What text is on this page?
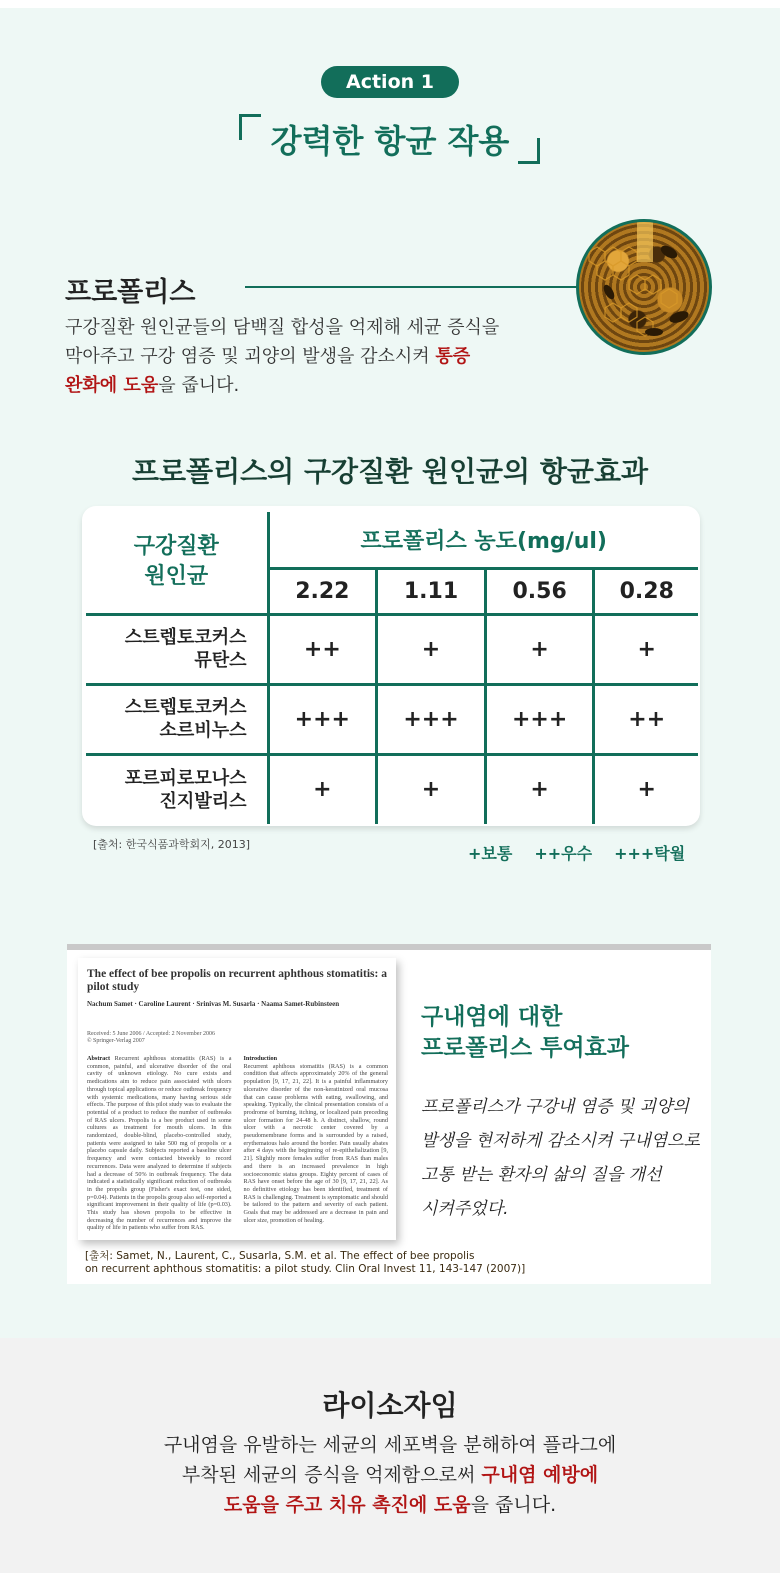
Action 1
강력한 항균 작용
프로폴리스
구강질환 원인균들의 담백질 합성을 억제해 세균 증식을
막아주고 구강 염증 및 괴양의 발생을 감소시켜 통증
완화에 도움을 줍니다.
프로폴리스의 구강질환 원인균의 항균효과
구강질환
원인균	프로폴리스 농도(mg/ul)			
	2.22	1.11	0.56	0.28

스트렙토코커스
뮤탄스	++	+	+	+

스트렙토코커스
소르비누스	+++	+++	+++	++

포르피로모나스
진지발리스	+	+	+	+
[출처: 한국식품과학회지, 2013]	+보통 ++우수 +++탁월
The effect of bee propolis on recurrent aphthous stomatitis: a pilot study
Nachum Samet · Caroline Laurent · Srinivas M. Susarla · Naama Samet-Rubinsteen
Received: 5 June 2006 / Accepted: 2 November 2006
© Springer-Verlag 2007
Abstract Recurrent aphthous stomatitis (RAS) is a common, painful, and ulcerative disorder of the oral cavity of unknown etiology. No cure exists and medications aim to reduce pain associated with ulcers through topical applications or reduce outbreak frequency with systemic medications, many having serious side effects. The purpose of this pilot study was to evaluate the potential of a product to reduce the number of outbreaks of RAS ulcers. Propolis is a bee product used in some cultures as treatment for mouth ulcers. In this randomized, double-blind, placebo-controlled study, patients were assigned to take 500 mg of propolis or a placebo capsule daily. Subjects reported a baseline ulcer frequency and were contacted biweekly to record recurrences. Data were analyzed to determine if subjects had a decrease of 50% in outbreak frequency. The data indicated a statistically significant reduction of outbreaks in the propolis group (Fisher's exact test, one sided, p=0.04). Patients in the propolis group also self-reported a significant improvement in their quality of life (p=0.03). This study has shown propolis to be effective in decreasing the number of recurrences and improve the quality of life in patients who suffer from RAS.
Introduction
Recurrent aphthous stomatitis (RAS) is a common condition that affects approximately 20% of the general population [9, 17, 21, 22]. It is a painful inflammatory ulcerative disorder of the non-keratinized oral mucosa that can cause problems with eating, swallowing, and speaking. Typically, the clinical presentation consists of a prodrome of burning, itching, or localized pain preceding ulcer formation for 24-48 h. A distinct, shallow, round ulcer with a necrotic center covered by a pseudomembrane forms and is surrounded by a raised, erythematous halo around the border. Pain usually abates after 4 days with the beginning of re-epithelialization [9, 21]. Slightly more females suffer from RAS than males and there is an increased prevalence in high socioeconomic status groups. Eighty percent of cases of RAS have onset before the age of 30 [9, 17, 21, 22]. As no definitive etiology has been identified, treatment of RAS is challenging. Treatment is symptomatic and should be tailored to the pattern and severity of each patient. Goals that may be addressed are a decrease in pain and ulcer size, promotion of healing.
구내염에 대한
프로폴리스 투여효과
프로폴리스가 구강내 염증 및 괴양의
발생을 현저하게 감소시켜 구내염으로
고통 받는 환자의 삶의 질을 개선
시켜주었다.
[출처: Samet, N., Laurent, C., Susarla, S.M. et al. The effect of bee propolis
on recurrent aphthous stomatitis: a pilot study. Clin Oral Invest 11, 143-147 (2007)]
라이소자임
구내염을 유발하는 세균의 세포벽을 분해하여 플라그에
부착된 세균의 증식을 억제함으로써 구내염 예방에
도움을 주고 치유 촉진에 도움을 줍니다.
